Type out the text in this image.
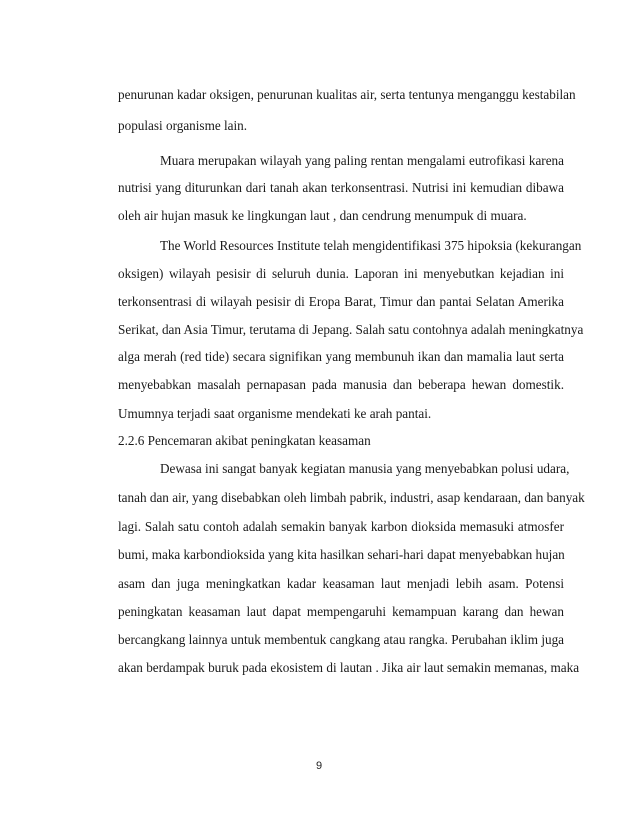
penurunan kadar oksigen, penurunan kualitas air, serta tentunya menganggu kestabilan
populasi organisme lain.
Muara merupakan wilayah yang paling rentan mengalami eutrofikasi karena
nutrisi yang diturunkan dari tanah akan terkonsentrasi. Nutrisi ini kemudian dibawa
oleh air hujan masuk ke lingkungan laut , dan cendrung menumpuk di muara.
The World Resources Institute telah mengidentifikasi 375 hipoksia (kekurangan
oksigen) wilayah pesisir di seluruh dunia. Laporan ini menyebutkan kejadian ini
terkonsentrasi di wilayah pesisir di Eropa Barat, Timur dan pantai Selatan Amerika
Serikat, dan Asia Timur, terutama di Jepang. Salah satu contohnya adalah meningkatnya
alga merah (red tide) secara signifikan yang membunuh ikan dan mamalia laut serta
menyebabkan masalah pernapasan pada manusia dan beberapa hewan domestik.
Umumnya terjadi saat organisme mendekati ke arah pantai.
2.2.6 Pencemaran akibat peningkatan keasaman
Dewasa ini sangat banyak kegiatan manusia yang menyebabkan polusi udara,
tanah dan air, yang disebabkan oleh limbah pabrik, industri, asap kendaraan, dan banyak
lagi. Salah satu contoh adalah semakin banyak karbon dioksida memasuki atmosfer
bumi, maka karbondioksida yang kita hasilkan sehari-hari dapat menyebabkan hujan
asam dan juga meningkatkan kadar keasaman laut menjadi lebih asam. Potensi
peningkatan keasaman laut dapat mempengaruhi kemampuan karang dan hewan
bercangkang lainnya untuk membentuk cangkang atau rangka. Perubahan iklim juga
akan berdampak buruk pada ekosistem di lautan . Jika air laut semakin memanas, maka
9
